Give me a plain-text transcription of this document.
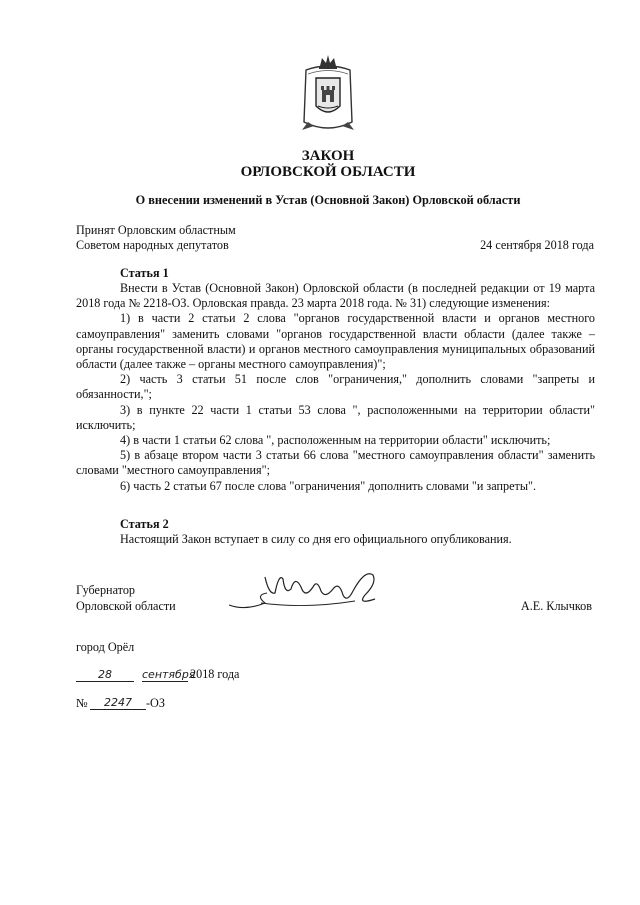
ЗАКОН
ОРЛОВСКОЙ ОБЛАСТИ
О внесении изменений в Устав (Основной Закон) Орловской области
Принят Орловским областным
Советом народных депутатов	24 сентября 2018 года
Статья 1

Внести в Устав (Основной Закон) Орловской области (в последней редакции от 19 марта 2018 года № 2218-ОЗ. Орловская правда. 23 марта 2018 года. № 31) следующие изменения:

1) в части 2 статьи 2 слова "органов государственной власти и органов местного самоуправления" заменить словами "органов государственной власти области (далее также – органы государственной власти) и органов местного самоуправления муниципальных образований области (далее также – органы местного самоуправления)";

2) часть 3 статьи 51 после слов "ограничения," дополнить словами "запреты и обязанности,";

3) в пункте 22 части 1 статьи 53 слова ", расположенными на территории области" исключить;

4) в части 1 статьи 62 слова ", расположенным на территории области" исключить;

5) в абзаце втором части 3 статьи 66 слова "местного самоуправления области" заменить словами "местного самоуправления";

6) часть 2 статьи 67 после слова "ограничения" дополнить словами "и запреты".

Статья 2

Настоящий Закон вступает в силу со дня его официального опубликования.

Губернатор
Орловской области	А.Е. Клычков
город Орёл
28	сентября
2018 года
№	2247	-ОЗ
